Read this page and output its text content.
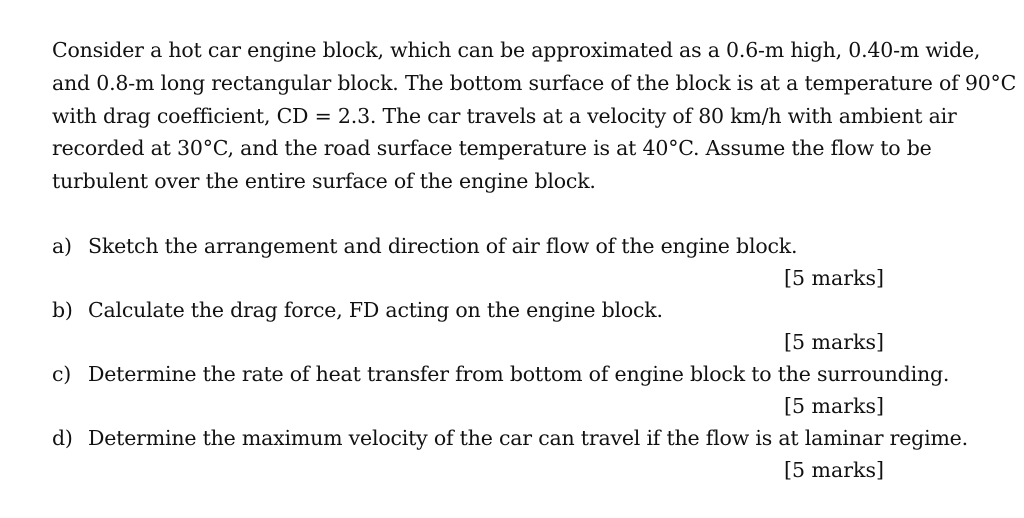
Consider a hot car engine block, which can be approximated as a 0.6-m high, 0.40-m wide,
and 0.8-m long rectangular block. The bottom surface of the block is at a temperature of 90°C
with drag coefficient, CD = 2.3. The car travels at a velocity of 80 km/h with ambient air
recorded at 30°C, and the road surface temperature is at 40°C. Assume the flow to be
turbulent over the entire surface of the engine block.

a) Sketch the arrangement and direction of air flow of the engine block.
[5 marks]
b) Calculate the drag force, FD acting on the engine block.
[5 marks]
c) Determine the rate of heat transfer from bottom of engine block to the surrounding.
[5 marks]
d) Determine the maximum velocity of the car can travel if the flow is at laminar regime.
[5 marks]
